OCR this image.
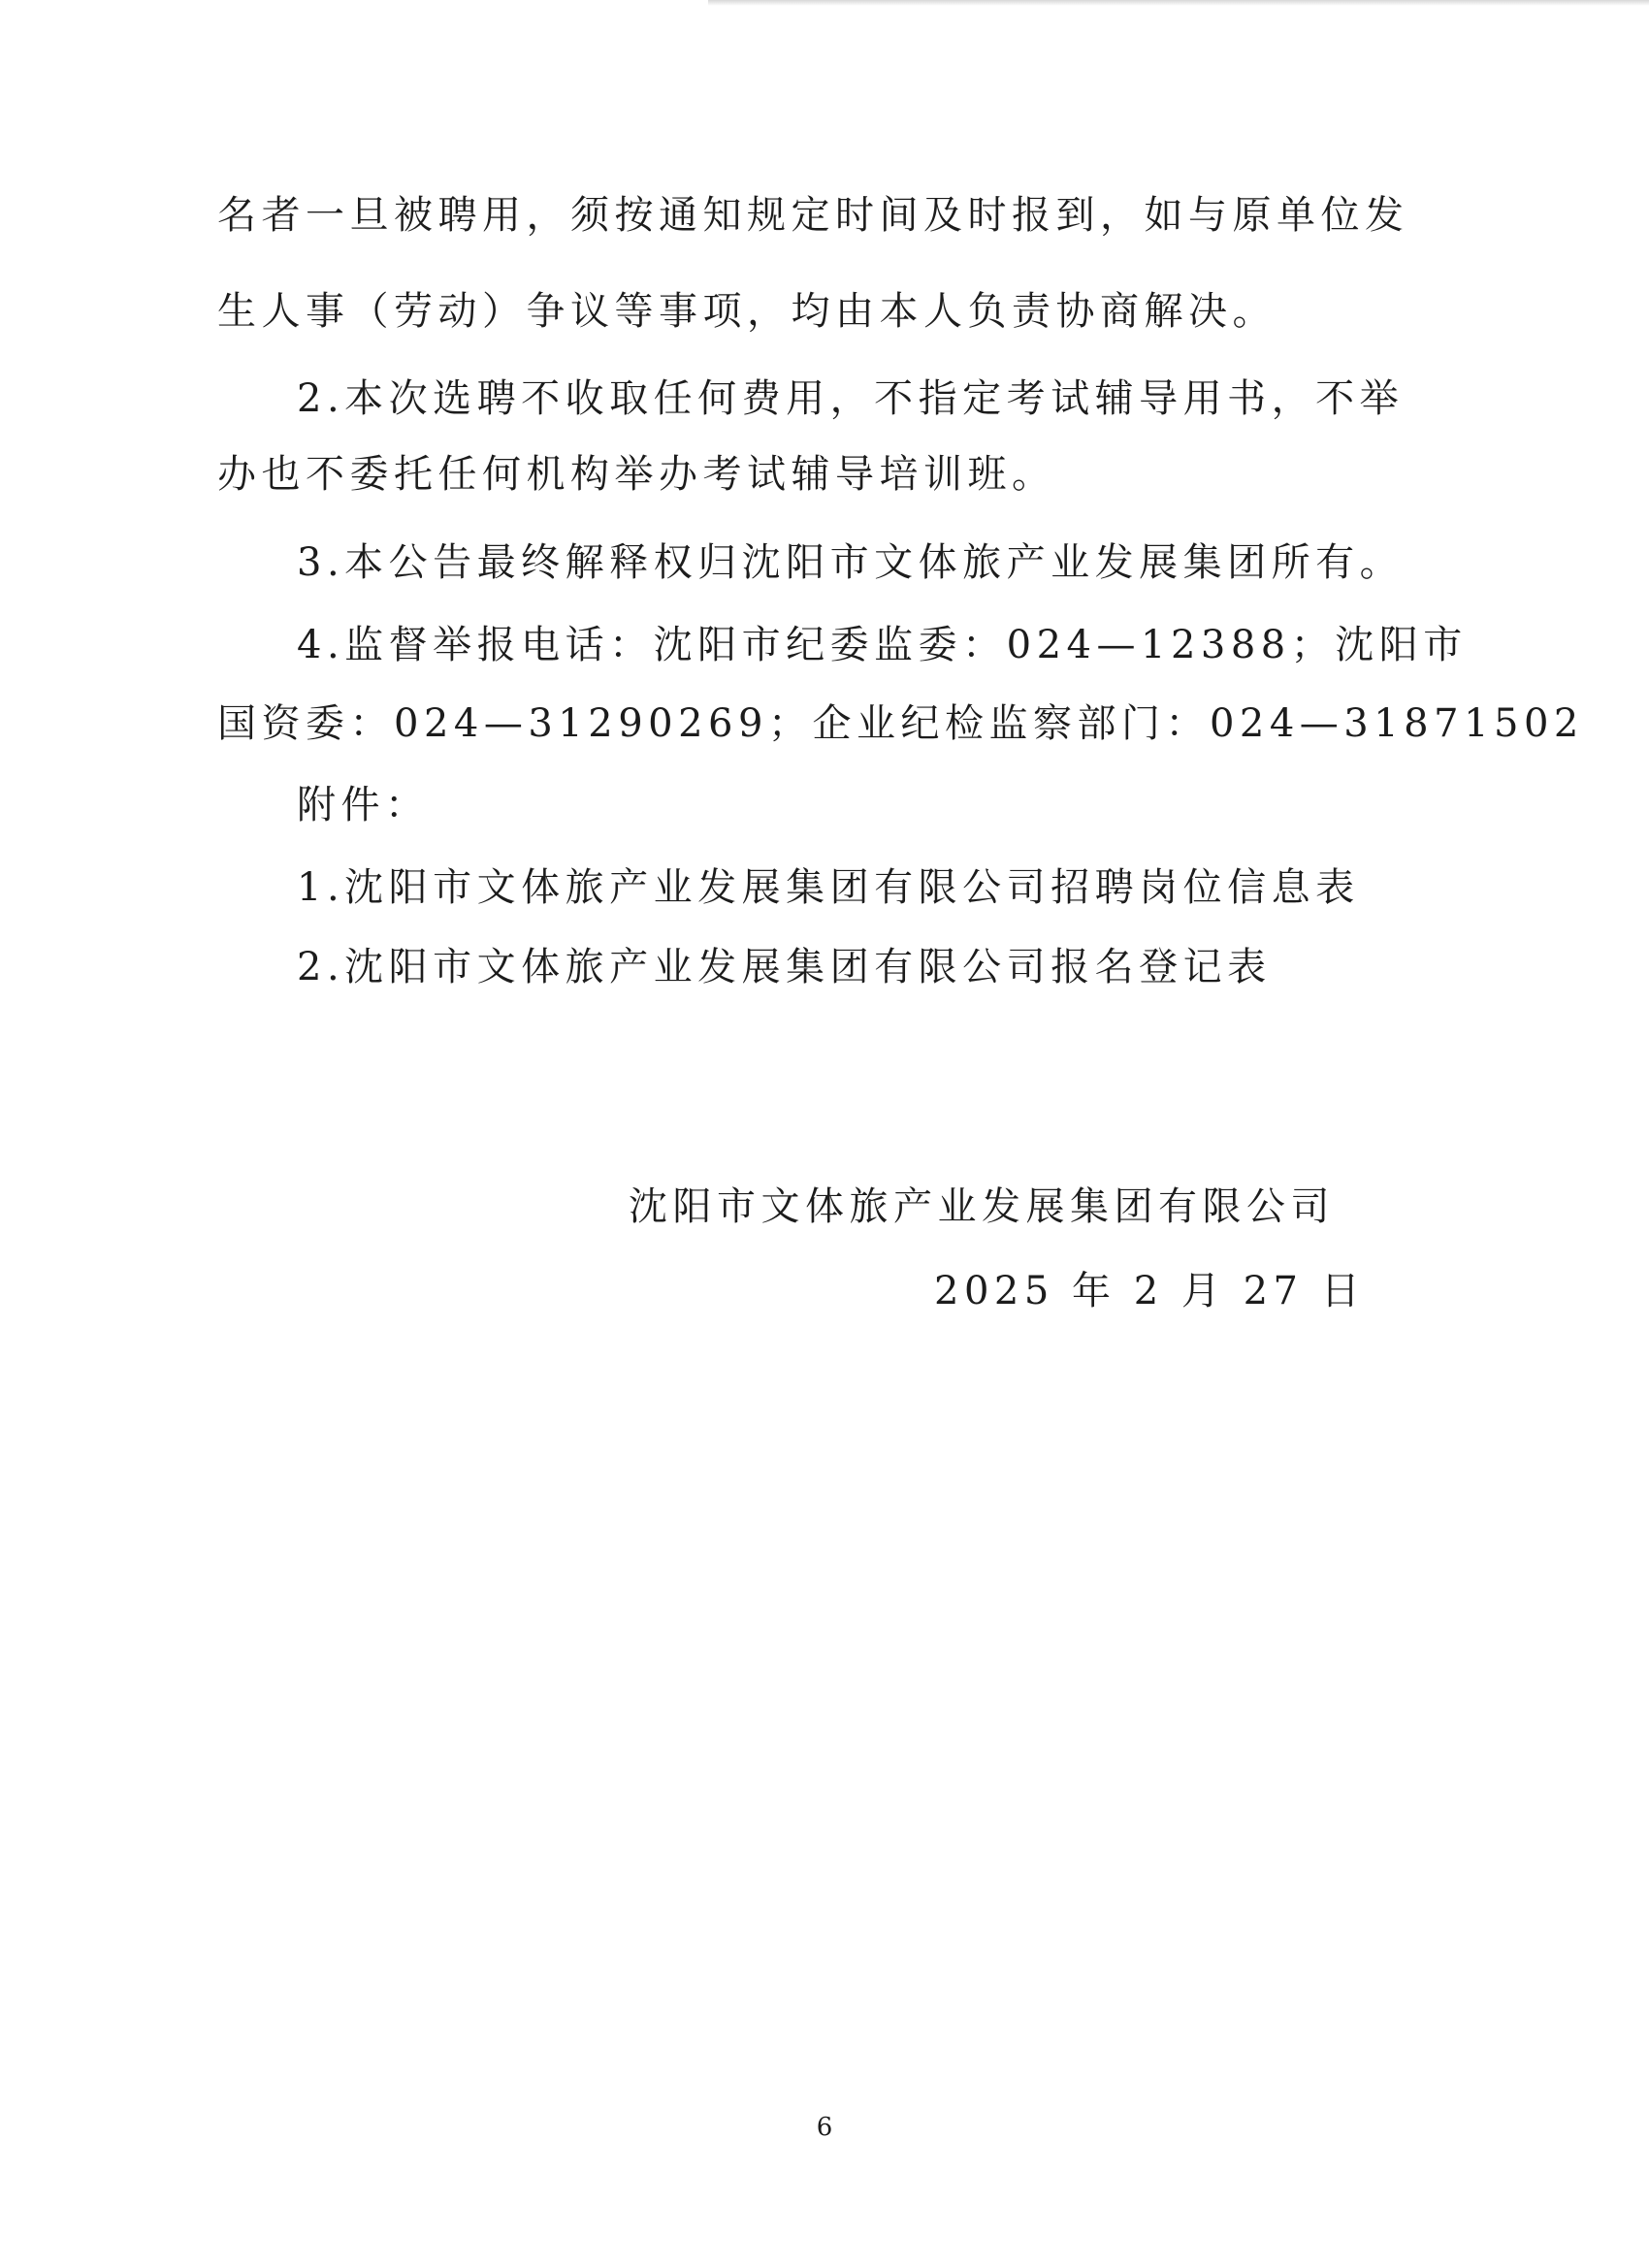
名者一旦被聘用，须按通知规定时间及时报到，如与原单位发
生人事（劳动）争议等事项，均由本人负责协商解决。
2.本次选聘不收取任何费用，不指定考试辅导用书，不举
办也不委托任何机构举办考试辅导培训班。
3.本公告最终解释权归沈阳市文体旅产业发展集团所有。
4.监督举报电话：沈阳市纪委监委：024—12388；沈阳市
国资委：024—31290269；企业纪检监察部门：024—31871502
附件：
1.沈阳市文体旅产业发展集团有限公司招聘岗位信息表
2.沈阳市文体旅产业发展集团有限公司报名登记表
沈阳市文体旅产业发展集团有限公司
2025 年 2 月 27 日
6
